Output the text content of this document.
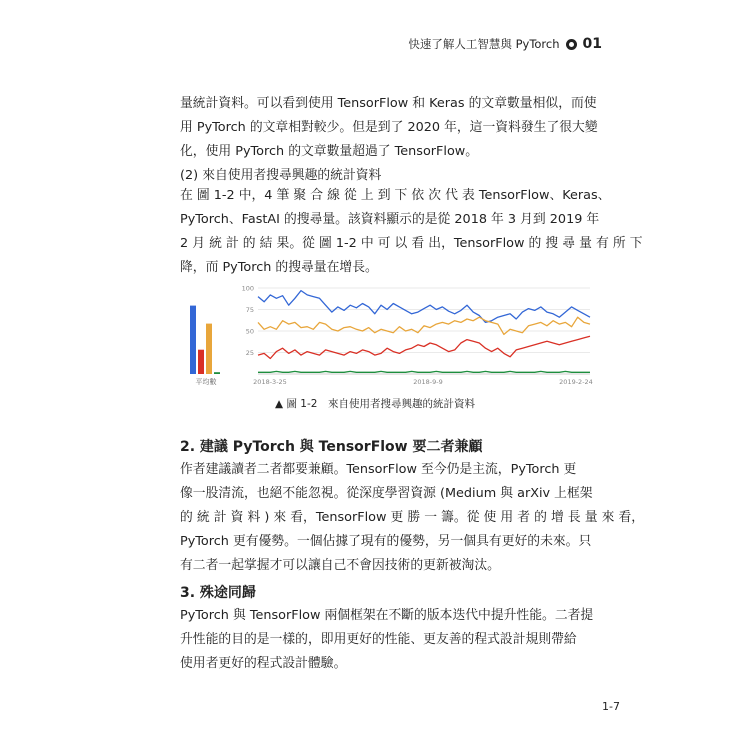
快速了解人工智慧與 PyTorch 01
量統計資料。可以看到使用 TensorFlow 和 Keras 的文章數量相似，而使
用 PyTorch 的文章相對較少。但是到了 2020 年，這一資料發生了很大變
化，使用 PyTorch 的文章數量超過了 TensorFlow。
(2) 來自使用者搜尋興趣的統計資料
在 圖 1-2 中，4 筆 聚 合 線 從 上 到 下 依 次 代 表 TensorFlow、Keras、
PyTorch、FastAI 的搜尋量。該資料顯示的是從 2018 年 3 月到 2019 年
2 月 統 計 的 結 果。從 圖 1-2 中 可 以 看 出，TensorFlow 的 搜 尋 量 有 所 下
降，而 PyTorch 的搜尋量在增長。
平均數
25
50
75
100
2018-3-25	2018-9-9	2019-2-24
▲ 圖 1-2　來自使用者搜尋興趣的統計資料
2. 建議 PyTorch 與 TensorFlow 要二者兼顧
作者建議讀者二者都要兼顧。TensorFlow 至今仍是主流，PyTorch 更
像一股清流，也絕不能忽視。從深度學習資源 (Medium 與 arXiv 上框架
的 統 計 資 料 ) 來 看，TensorFlow 更 勝 一 籌。從 使 用 者 的 增 長 量 來 看，
PyTorch 更有優勢。一個佔據了現有的優勢，另一個具有更好的未來。只
有二者一起掌握才可以讓自己不會因技術的更新被淘汰。
3. 殊途同歸
PyTorch 與 TensorFlow 兩個框架在不斷的版本迭代中提升性能。二者提
升性能的目的是一樣的，即用更好的性能、更友善的程式設計規則帶給
使用者更好的程式設計體驗。
1-7
